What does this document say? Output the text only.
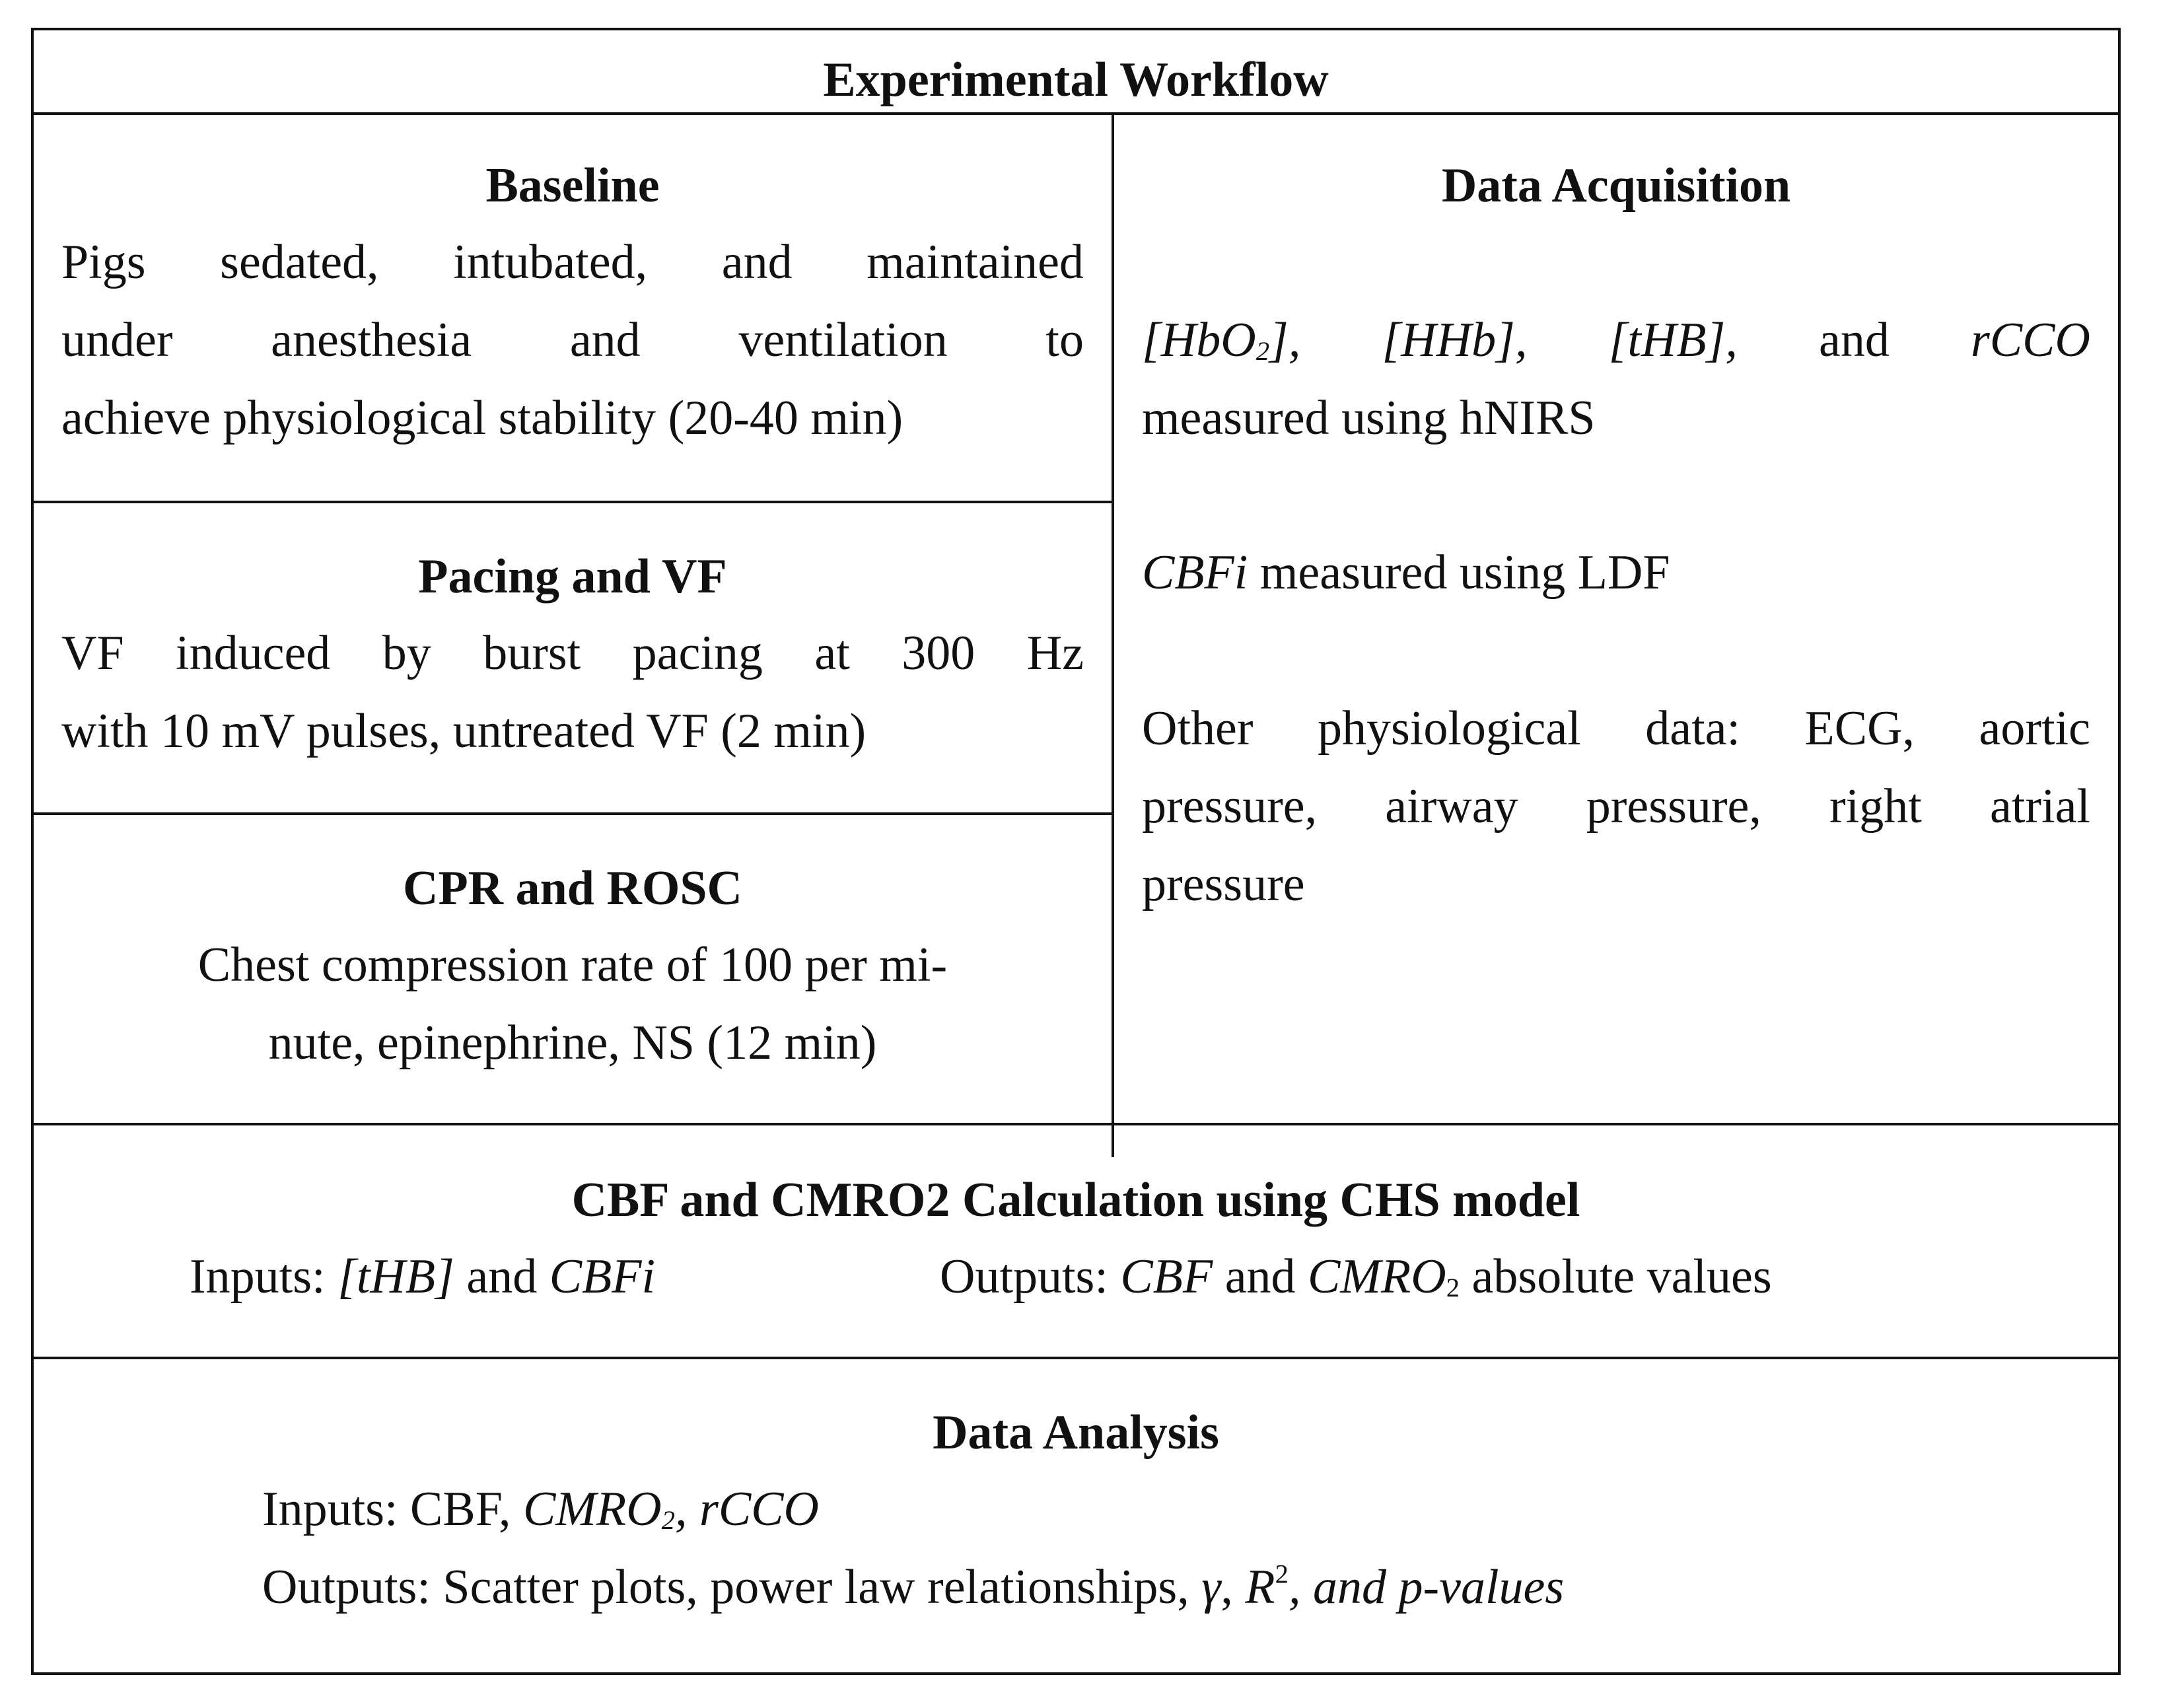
Experimental Workflow
Baseline
Pigs sedated, intubated, and maintained
under anesthesia and ventilation to
achieve physiological stability (20-40 min)
Pacing and VF
VF induced by burst pacing at 300 Hz
with 10 mV pulses, untreated VF (2 min)
CPR and ROSC
Chest compression rate of 100 per mi-
nute, epinephrine, NS (12 min)
Data Acquisition
[HbO$_2$], [HHb], [tHB], and rCCO
measured using hNIRS
CBFi measured using LDF
Other physiological data: ECG, aortic
pressure, airway pressure, right atrial
pressure
CBF and CMRO2 Calculation using CHS model
Inputs: [tHB] and CBFi	Outputs: CBF and $CMRO_2$ absolute values
Data Analysis
Inputs: CBF, $CMRO_2$, rCCO
Outputs: Scatter plots, power law relationships, γ, $R^2$, and p-values
